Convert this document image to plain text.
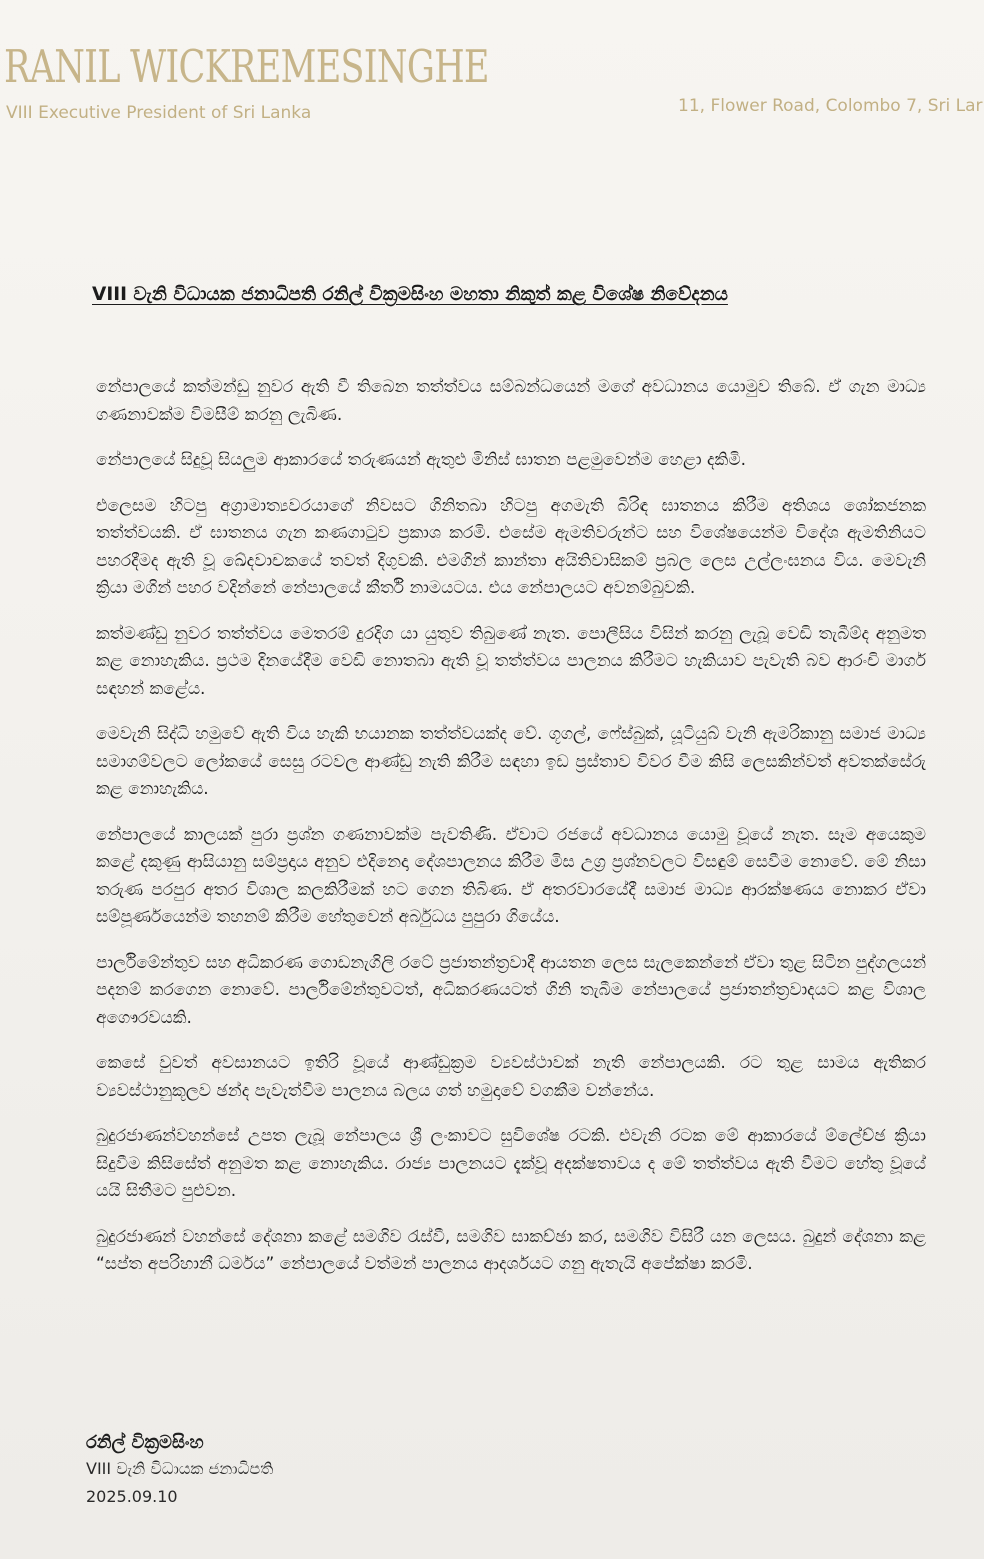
RANIL WICKREMESINGHE
VIII Executive President of Sri Lanka	11, Flower Road, Colombo 7, Sri Lar
VIII වැනි විධායක ජනාධිපති රනිල් වික්‍රමසිංහ මහතා නිකුත් කළ විශේෂ නිවේදනය

නේපාලයේ කත්මන්ඩු නුවර ඇති වී තිබෙන තත්ත්වය සම්බන්ධයෙන් මගේ අවධානය යොමුව තිබේ. ඒ ගැන මාධ්‍ය ගණනාවක්ම විමසීම් කරනු ලැබිණ.

නේපාලයේ සිදුවූ සියලුම ආකාරයේ තරුණයන් ඇතුළු මිනිස් ඝාතන පළමුවෙන්ම හෙළා දකිමි.

එලෙසම හිටපු අග්‍රාමාත්‍යවරයාගේ නිවසට ගිනිතබා හිටපු අගමැති බිරිඳ ඝාතනය කිරීම අතිශය ශෝකජනක තත්ත්වයකි. ඒ ඝාතනය ගැන කණගාටුව ප්‍රකාශ කරමි. එසේම ඇමතිවරුන්ට සහ විශේෂයෙන්ම විදේශ ඇමතිනියට පහරදීමද ඇති වූ ඛේදවාචකයේ තවත් දිගුවකි. එමගින් කාන්තා අයිතිවාසිකම් ප්‍රබල ලෙස උල්ලංඝනය විය. මෙවැනි ක්‍රියා මගින් පහර වදින්නේ නේපාලයේ කීර්ති නාමයටය. එය නේපාලයට අවනම්බුවකි.

කත්මණ්ඩු නුවර තත්ත්වය මෙතරම් දුරදිග යා යුතුව තිබුණේ නැත. පොලීසිය විසින් කරනු ලැබූ වෙඩි තැබීම්ද අනුමත කළ නොහැකිය. ප්‍රථම දිනයේදීම වෙඩි නොතබා ඇති වූ තත්ත්වය පාලනය කිරීමට හැකියාව පැවැති බව ආරංචි මාර්ග සඳහන් කළේය.

මෙවැනි සිද්ධි හමුවේ ඇති විය හැකි භයානක තත්ත්වයක්ද වේ. ගූගල්, ෆේස්බුක්, යූටියුබ් වැනි ඇමරිකානු සමාජ මාධ්‍ය සමාගම්වලට ලෝකයේ සෙසු රටවල ආණ්ඩු නැති කිරීම සඳහා ඉඩ ප්‍රස්තාව විවර වීම කිසි ලෙසකින්වත් අවතක්සේරු කළ නොහැකිය.

නේපාලයේ කාලයක් පුරා ප්‍රශ්න ගණනාවක්ම පැවතිණි. ඒවාට රජයේ අවධානය යොමු වූයේ නැත. සෑම අයෙකුම කළේ දකුණු ආසියානු සම්ප්‍රදාය අනුව එදිනෙදා දේශපාලනය කිරීම මිස උග්‍ර ප්‍රශ්නවලට විසඳුම් සෙවීම නොවේ. මේ නිසා තරුණ පරපුර අතර විශාල කලකිරීමක් හට ගෙන තිබිණ. ඒ අතරවාරයේදී සමාජ මාධ්‍ය ආරක්ෂණය නොකර ඒවා සම්පූර්ණයෙන්ම තහනම් කිරීම හේතුවෙන් අර්බුධය පුපුරා ගියේය.

පාර්ලිමේන්තුව සහ අධිකරණ ගොඩනැගිලි රටේ ප්‍රජාතන්ත්‍රවාදී ආයතන ලෙස සැලකෙන්නේ ඒවා තුළ සිටින පුද්ගලයන් පදනම් කරගෙන නොවේ. පාර්ලිමේන්තුවටත්, අධිකරණයටත් ගිනි තැබීම නේපාලයේ ප්‍රජාතන්ත්‍රවාදයට කළ විශාල අගෞරවයකි.

කෙසේ වුවත් අවසානයට ඉතිරි වූයේ ආණ්ඩුක්‍රම ව්‍යවස්ථාවක් නැති නේපාලයකි. රට තුළ සාමය ඇතිකර ව්‍යවස්ථානුකූලව ඡන්ද පැවැත්වීම පාලනය බලය ගත් හමුදාවේ වගකීම වන්නේය.

බුදුරජාණන්වහන්සේ උපත ලැබූ නේපාලය ශ්‍රී ලංකාවට සුවිශේෂ රටකි. එවැනි රටක මේ ආකාරයේ ම්ලේච්ඡ ක්‍රියා සිදුවීම කිසිසේත් අනුමත කළ නොහැකිය. රාජ්‍ය පාලනයට දැක්වූ අදක්ෂතාවය ද මේ තත්ත්වය ඇති වීමට හේතු වූයේ යයි සිතීමට පුළුවන.

බුදුරජාණන් වහන්සේ දේශනා කළේ සමගිව රැස්වී, සමගිව සාකච්ඡා කර, සමගිව විසිරී යන ලෙසය. බුදුන් දේශනා කළ “සප්ත අපරිහානී ධර්මය” නේපාලයේ වත්මන් පාලනය ආදර්ශයට ගනු ඇතැයි අපේක්ෂා කරමි.

රනිල් වික්‍රමසිංහ
VIII වැනි විධායක ජනාධිපති
2025.09.10
